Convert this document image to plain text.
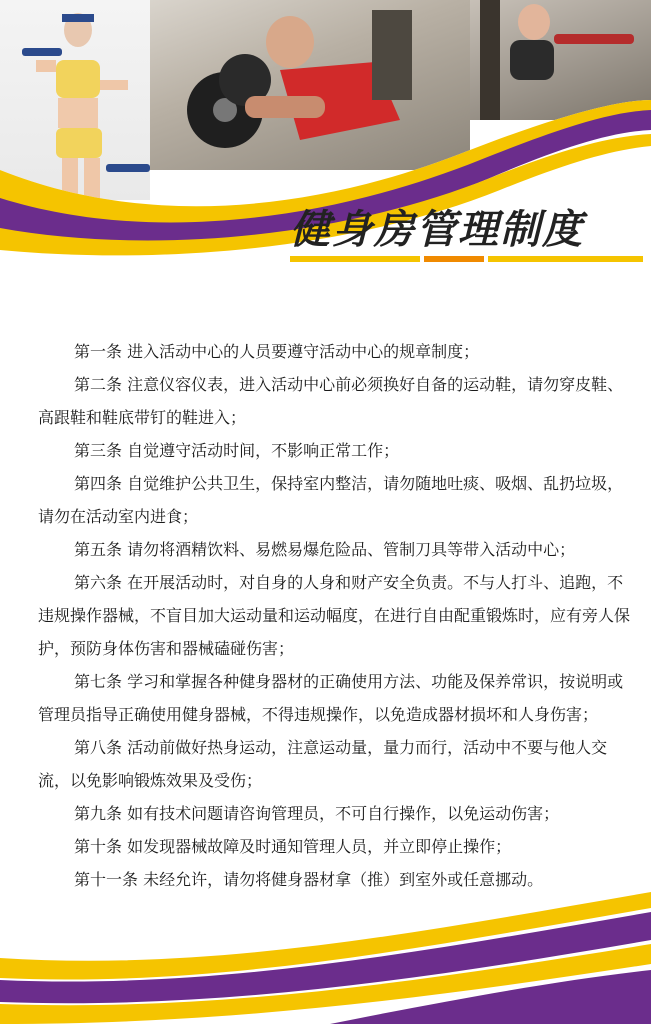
健身房管理制度

第一条 进入活动中心的人员要遵守活动中心的规章制度；

第二条 注意仪容仪表，进入活动中心前必须换好自备的运动鞋，请勿穿皮鞋、高跟鞋和鞋底带钉的鞋进入；

第三条 自觉遵守活动时间，不影响正常工作；

第四条 自觉维护公共卫生，保持室内整洁，请勿随地吐痰、吸烟、乱扔垃圾，请勿在活动室内进食；

第五条 请勿将酒精饮料、易燃易爆危险品、管制刀具等带入活动中心；

第六条 在开展活动时，对自身的人身和财产安全负责。不与人打斗、追跑，不违规操作器械，不盲目加大运动量和运动幅度，在进行自由配重锻炼时，应有旁人保护，预防身体伤害和器械磕碰伤害；

第七条 学习和掌握各种健身器材的正确使用方法、功能及保养常识，按说明或管理员指导正确使用健身器械，不得违规操作，以免造成器材损坏和人身伤害；

第八条 活动前做好热身运动，注意运动量，量力而行，活动中不要与他人交流，以免影响锻炼效果及受伤；

第九条 如有技术问题请咨询管理员，不可自行操作，以免运动伤害；

第十条 如发现器械故障及时通知管理人员，并立即停止操作；

第十一条 未经允许，请勿将健身器材拿（推）到室外或任意挪动。
